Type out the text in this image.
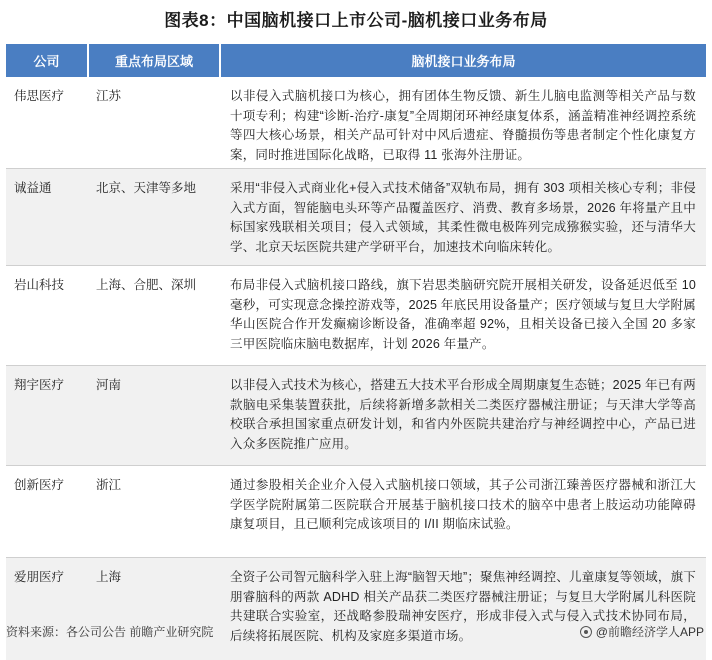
图表8：中国脑机接口上市公司-脑机接口业务布局
公司	重点布局区域	脑机接口业务布局

伟思医疗	江苏	以非侵入式脑机接口为核心，拥有团体生物反馈、新生儿脑电监测等相关产品与数十项专利；构建“诊断-治疗-康复”全周期闭环神经康复体系，涵盖精准神经调控系统等四大核心场景，相关产品可针对中风后遗症、脊髓损伤等患者制定个性化康复方案，同时推进国际化战略，已取得 11 张海外注册证。

诚益通	北京、天津等多地	采用“非侵入式商业化+侵入式技术储备”双轨布局，拥有 303 项相关核心专利；非侵入式方面，智能脑电头环等产品覆盖医疗、消费、教育多场景，2026 年将量产且中标国家残联相关项目；侵入式领域，其柔性微电极阵列完成猕猴实验，还与清华大学、北京天坛医院共建产学研平台，加速技术向临床转化。

岩山科技	上海、合肥、深圳	布局非侵入式脑机接口路线，旗下岩思类脑研究院开展相关研发，设备延迟低至 10 毫秒，可实现意念操控游戏等，2025 年底民用设备量产；医疗领域与复旦大学附属华山医院合作开发癫痫诊断设备，准确率超 92%，且相关设备已接入全国 20 多家三甲医院临床脑电数据库，计划 2026 年量产。

翔宇医疗	河南	以非侵入式技术为核心，搭建五大技术平台形成全周期康复生态链；2025 年已有两款脑电采集装置获批，后续将新增多款相关二类医疗器械注册证；与天津大学等高校联合承担国家重点研发计划，和省内外医院共建治疗与神经调控中心，产品已进入众多医院推广应用。

创新医疗	浙江	通过参股相关企业介入侵入式脑机接口领域，其子公司浙江臻善医疗器械和浙江大学医学院附属第二医院联合开展基于脑机接口技术的脑卒中患者上肢运动功能障碍康复项目，且已顺利完成该项目的 I/II 期临床试验。

爱朋医疗	上海	全资子公司智元脑科学入驻上海“脑智天地”；聚焦神经调控、儿童康复等领域，旗下朋睿脑科的两款 ADHD 相关产品获二类医疗器械注册证；与复旦大学附属儿科医院共建联合实验室，还战略参股瑞神安医疗，形成非侵入式与侵入式技术协同布局，后续将拓展医院、机构及家庭多渠道市场。
资料来源：各公司公告 前瞻产业研究院	@前瞻经济学人APP
